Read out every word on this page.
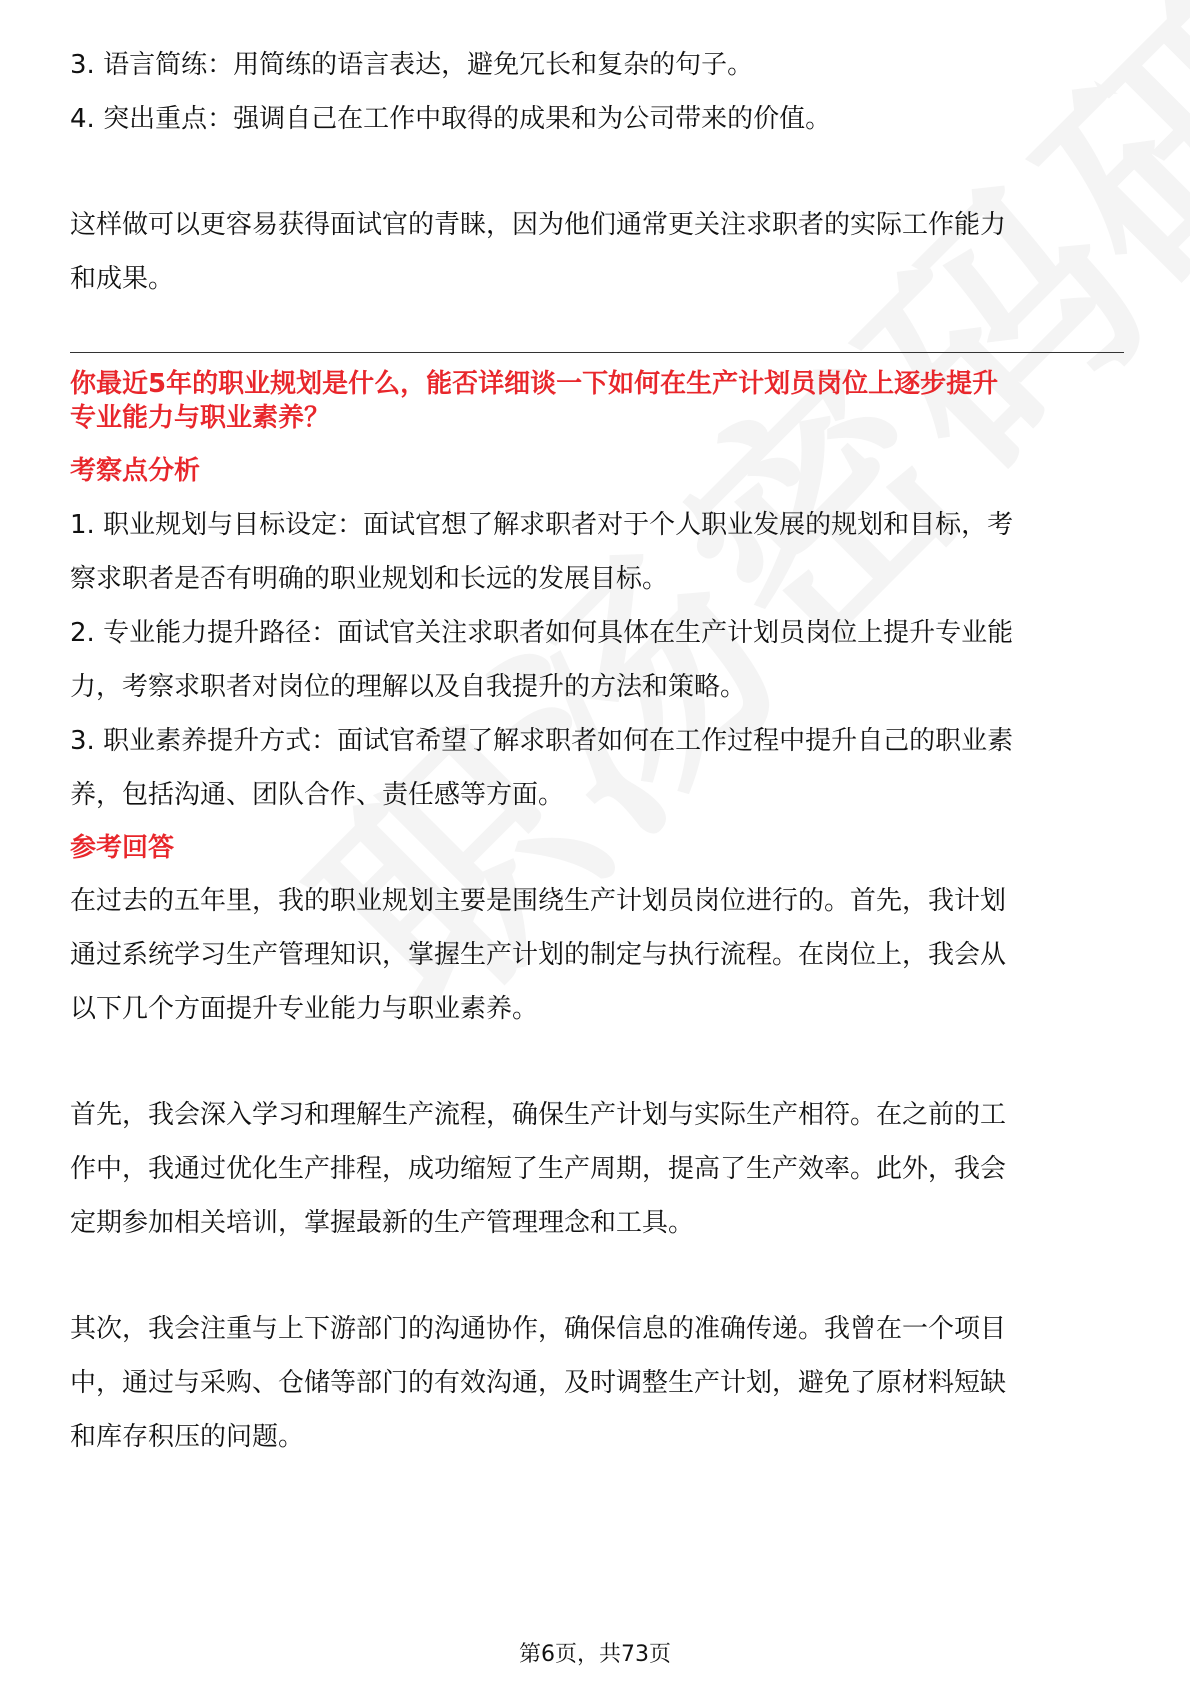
3. 语言简练：用简练的语言表达，避免冗长和复杂的句子。

4. 突出重点：强调自己在工作中取得的成果和为公司带来的价值。

这样做可以更容易获得面试官的青睐，因为他们通常更关注求职者的实际工作能力

和成果。

你最近5年的职业规划是什么，能否详细谈一下如何在生产计划员岗位上逐步提升

专业能力与职业素养？

考察点分析

1. 职业规划与目标设定：面试官想了解求职者对于个人职业发展的规划和目标，考

察求职者是否有明确的职业规划和长远的发展目标。

2. 专业能力提升路径：面试官关注求职者如何具体在生产计划员岗位上提升专业能

力，考察求职者对岗位的理解以及自我提升的方法和策略。

3. 职业素养提升方式：面试官希望了解求职者如何在工作过程中提升自己的职业素

养，包括沟通、团队合作、责任感等方面。

参考回答

在过去的五年里，我的职业规划主要是围绕生产计划员岗位进行的。首先，我计划

通过系统学习生产管理知识，掌握生产计划的制定与执行流程。在岗位上，我会从

以下几个方面提升专业能力与职业素养。

首先，我会深入学习和理解生产流程，确保生产计划与实际生产相符。在之前的工

作中，我通过优化生产排程，成功缩短了生产周期，提高了生产效率。此外，我会

定期参加相关培训，掌握最新的生产管理理念和工具。

其次，我会注重与上下游部门的沟通协作，确保信息的准确传递。我曾在一个项目

中，通过与采购、仓储等部门的有效沟通，及时调整生产计划，避免了原材料短缺

和库存积压的问题。

第6页，共73页
